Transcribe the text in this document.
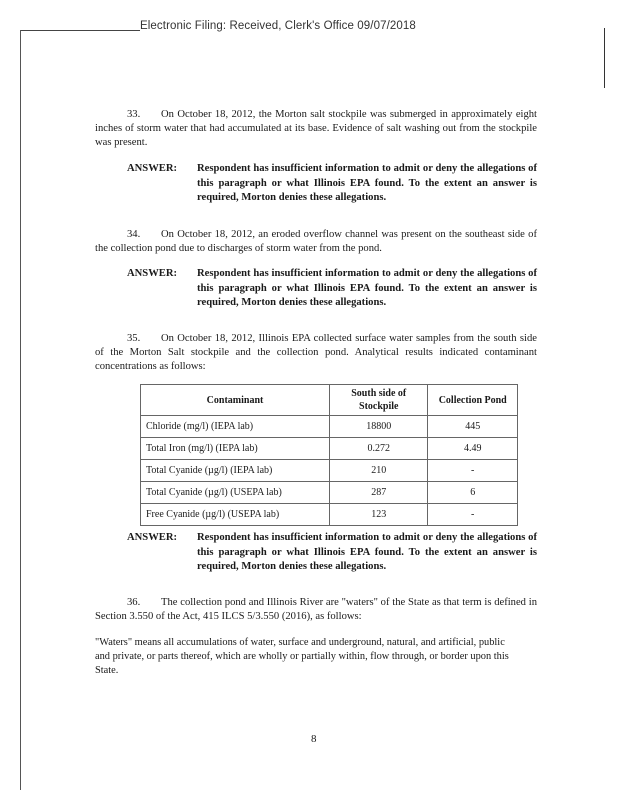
Electronic Filing: Received, Clerk's Office 09/07/2018
33. On October 18, 2012, the Morton salt stockpile was submerged in approximately eight inches of storm water that had accumulated at its base. Evidence of salt washing out from the stockpile was present.
ANSWER:	Respondent has insufficient information to admit or deny the allegations of this paragraph or what Illinois EPA found. To the extent an answer is required, Morton denies these allegations.
34. On October 18, 2012, an eroded overflow channel was present on the southeast side of the collection pond due to discharges of storm water from the pond.
ANSWER:	Respondent has insufficient information to admit or deny the allegations of this paragraph or what Illinois EPA found. To the extent an answer is required, Morton denies these allegations.
35. On October 18, 2012, Illinois EPA collected surface water samples from the south side of the Morton Salt stockpile and the collection pond. Analytical results indicated contaminant concentrations as follows:
Contaminant	South side of Stockpile	Collection Pond
Chloride (mg/l) (IEPA lab)	18800	445
Total Iron (mg/l) (IEPA lab)	0.272	4.49
Total Cyanide (µg/l) (IEPA lab)	210	-
Total Cyanide (µg/l) (USEPA lab)	287	6
Free Cyanide (µg/l) (USEPA lab)	123	-
ANSWER:	Respondent has insufficient information to admit or deny the allegations of this paragraph or what Illinois EPA found. To the extent an answer is required, Morton denies these allegations.
36. The collection pond and Illinois River are "waters" of the State as that term is defined in Section 3.550 of the Act, 415 ILCS 5/3.550 (2016), as follows:
"Waters" means all accumulations of water, surface and underground, natural, and artificial, public and private, or parts thereof, which are wholly or partially within, flow through, or border upon this State.
8
